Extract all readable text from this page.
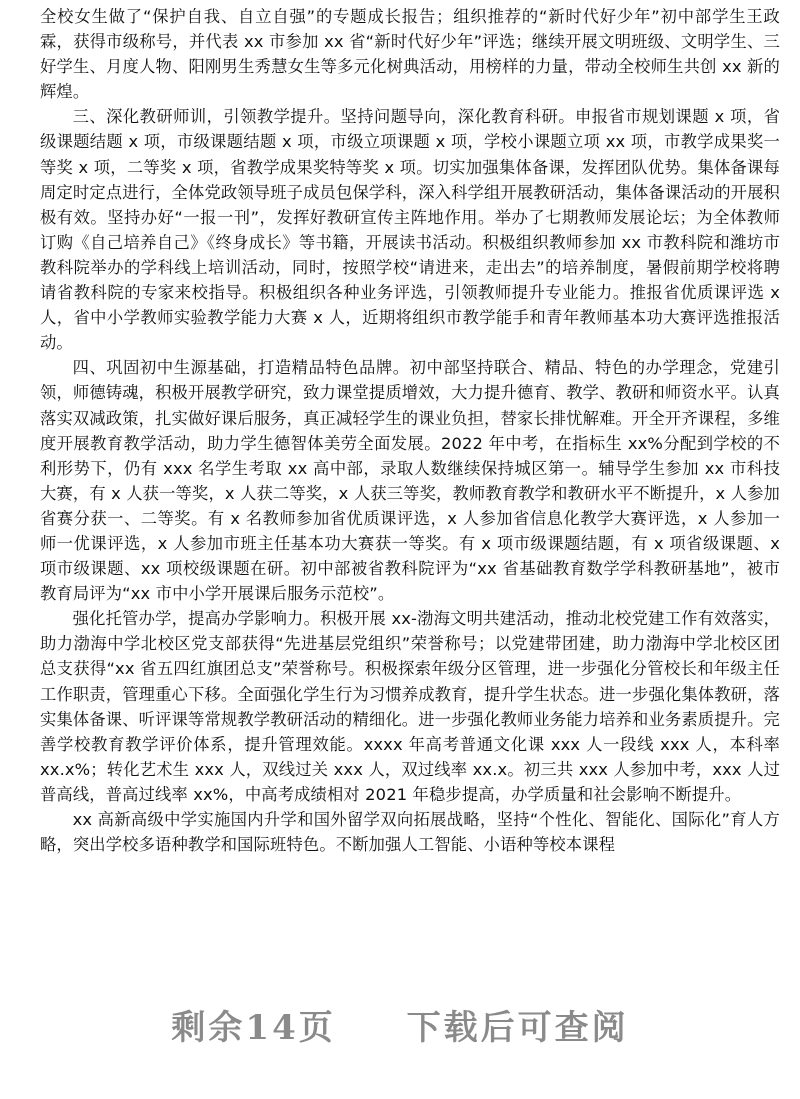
全校女生做了“保护自我、自立自强”的专题成长报告；组织推荐的“新时代好少年”初中部学生王政霖，获得市级称号，并代表 xx 市参加 xx 省“新时代好少年”评选；继续开展文明班级、文明学生、三好学生、月度人物、阳刚男生秀慧女生等多元化树典活动，用榜样的力量，带动全校师生共创 xx 新的辉煌。

三、深化教研师训，引领教学提升。坚持问题导向，深化教育科研。申报省市规划课题 x 项，省级课题结题 x 项，市级课题结题 x 项，市级立项课题 x 项，学校小课题立项 xx 项，市教学成果奖一等奖 x 项，二等奖 x 项，省教学成果奖特等奖 x 项。切实加强集体备课，发挥团队优势。集体备课每周定时定点进行，全体党政领导班子成员包保学科，深入科学组开展教研活动，集体备课活动的开展积极有效。坚持办好“一报一刊”，发挥好教研宣传主阵地作用。举办了七期教师发展论坛；为全体教师订购《自己培养自己》《终身成长》等书籍，开展读书活动。积极组织教师参加 xx 市教科院和潍坊市教科院举办的学科线上培训活动，同时，按照学校“请进来，走出去”的培养制度，暑假前期学校将聘请省教科院的专家来校指导。积极组织各种业务评选，引领教师提升专业能力。推报省优质课评选 x 人，省中小学教师实验教学能力大赛 x 人，近期将组织市教学能手和青年教师基本功大赛评选推报活动。

四、巩固初中生源基础，打造精品特色品牌。初中部坚持联合、精品、特色的办学理念，党建引领，师德铸魂，积极开展教学研究，致力课堂提质增效，大力提升德育、教学、教研和师资水平。认真落实双减政策，扎实做好课后服务，真正减轻学生的课业负担，替家长排忧解难。开全开齐课程，多维度开展教育教学活动，助力学生德智体美劳全面发展。2022 年中考，在指标生 xx%分配到学校的不利形势下，仍有 xxx 名学生考取 xx 高中部，录取人数继续保持城区第一。辅导学生参加 xx 市科技大赛，有 x 人获一等奖，x 人获二等奖，x 人获三等奖，教师教育教学和教研水平不断提升，x 人参加省赛分获一、二等奖。有 x 名教师参加省优质课评选，x 人参加省信息化教学大赛评选，x 人参加一师一优课评选，x 人参加市班主任基本功大赛获一等奖。有 x 项市级课题结题，有 x 项省级课题、x 项市级课题、xx 项校级课题在研。初中部被省教科院评为“xx 省基础教育数学学科教研基地”，被市教育局评为“xx 市中小学开展课后服务示范校”。

强化托管办学，提高办学影响力。积极开展 xx-渤海文明共建活动，推动北校党建工作有效落实，助力渤海中学北校区党支部获得“先进基层党组织”荣誉称号；以党建带团建，助力渤海中学北校区团总支获得“xx 省五四红旗团总支”荣誉称号。积极探索年级分区管理，进一步强化分管校长和年级主任工作职责，管理重心下移。全面强化学生行为习惯养成教育，提升学生状态。进一步强化集体教研，落实集体备课、听评课等常规教学教研活动的精细化。进一步强化教师业务能力培养和业务素质提升。完善学校教育教学评价体系，提升管理效能。xxxx 年高考普通文化课 xxx 人一段线 xxx 人，本科率 xx.x%；转化艺术生 xxx 人，双线过关 xxx 人，双过线率 xx.x。初三共 xxx 人参加中考，xxx 人过普高线，普高过线率 xx%，中高考成绩相对 2021 年稳步提高，办学质量和社会影响不断提升。

xx 高新高级中学实施国内升学和国外留学双向拓展战略，坚持“个性化、智能化、国际化”育人方略，突出学校多语种教学和国际班特色。不断加强人工智能、小语种等校本课程

剩余14页 下载后可查阅
